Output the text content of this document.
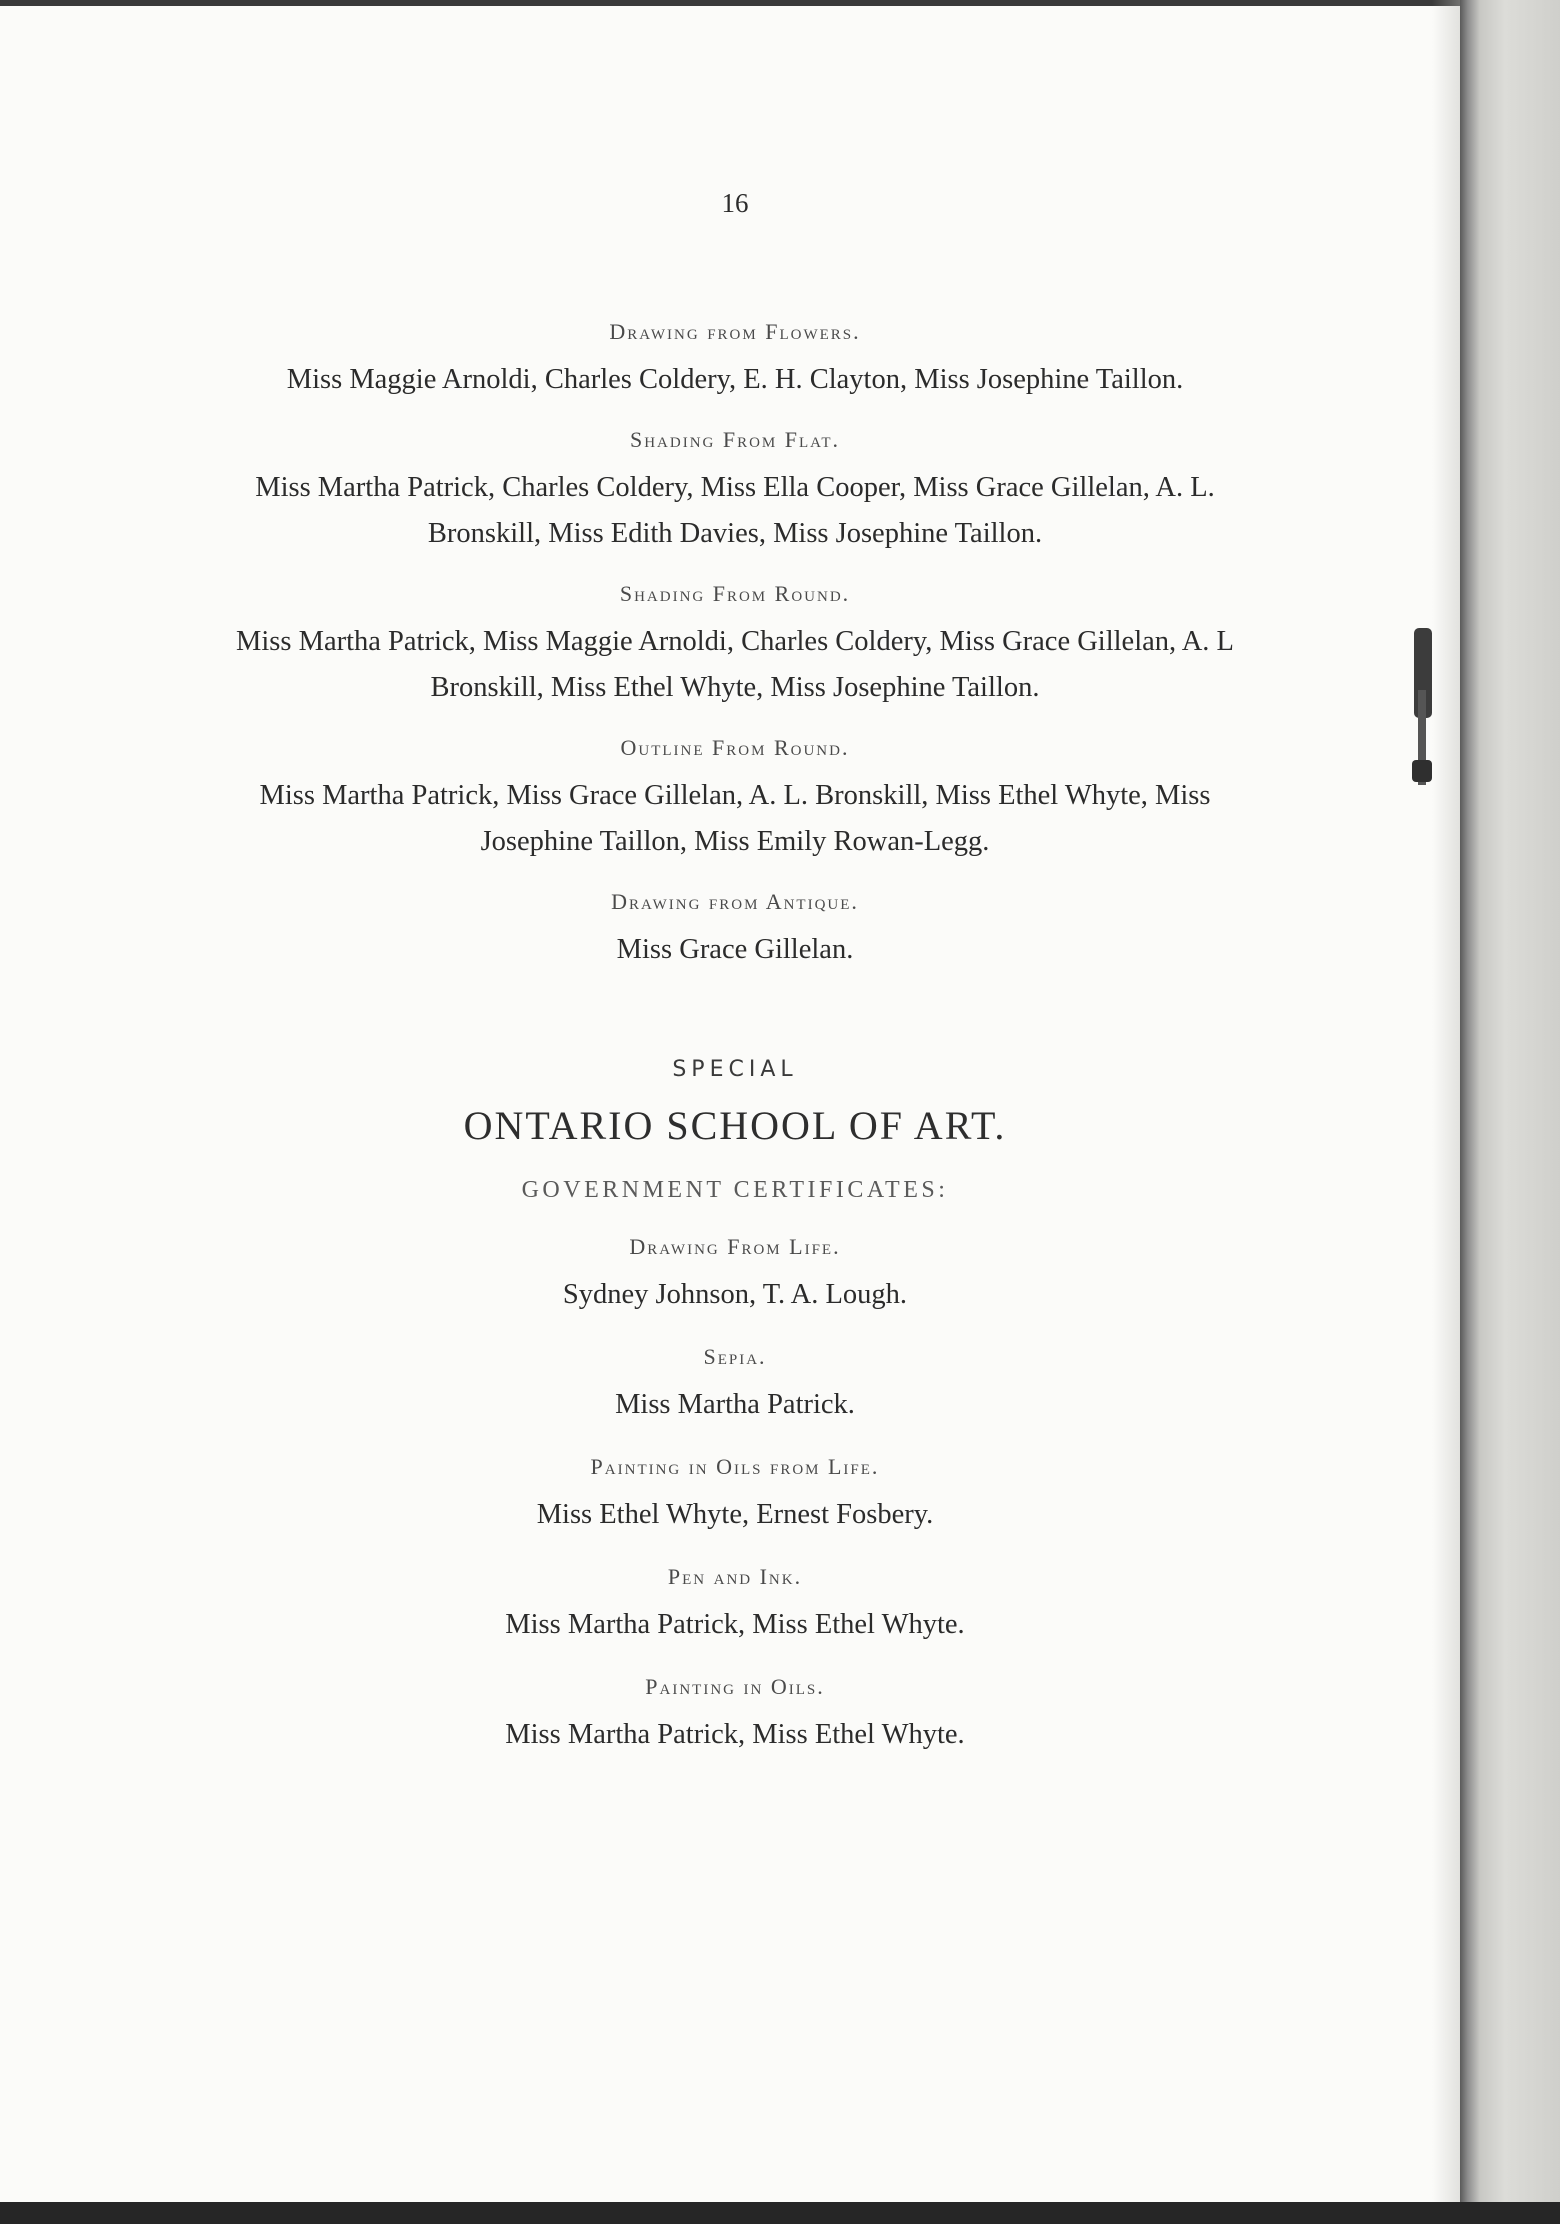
16
Drawing from Flowers.
Miss Maggie Arnoldi, Charles Coldery, E. H. Clayton, Miss Josephine Taillon.
Shading From Flat.
Miss Martha Patrick, Charles Coldery, Miss Ella Cooper, Miss Grace Gillelan, A. L. Bronskill, Miss Edith Davies, Miss Josephine Taillon.
Shading From Round.
Miss Martha Patrick, Miss Maggie Arnoldi, Charles Coldery, Miss Grace Gillelan, A. L Bronskill, Miss Ethel Whyte, Miss Josephine Taillon.
Outline From Round.
Miss Martha Patrick, Miss Grace Gillelan, A. L. Bronskill, Miss Ethel Whyte, Miss Josephine Taillon, Miss Emily Rowan-Legg.
Drawing from Antique.
Miss Grace Gillelan.
SPECIAL
ONTARIO SCHOOL OF ART.
GOVERNMENT CERTIFICATES:
Drawing From Life.
Sydney Johnson, T. A. Lough.
Sepia.
Miss Martha Patrick.
Painting in Oils from Life.
Miss Ethel Whyte, Ernest Fosbery.
Pen and Ink.
Miss Martha Patrick, Miss Ethel Whyte.
Painting in Oils.
Miss Martha Patrick, Miss Ethel Whyte.
